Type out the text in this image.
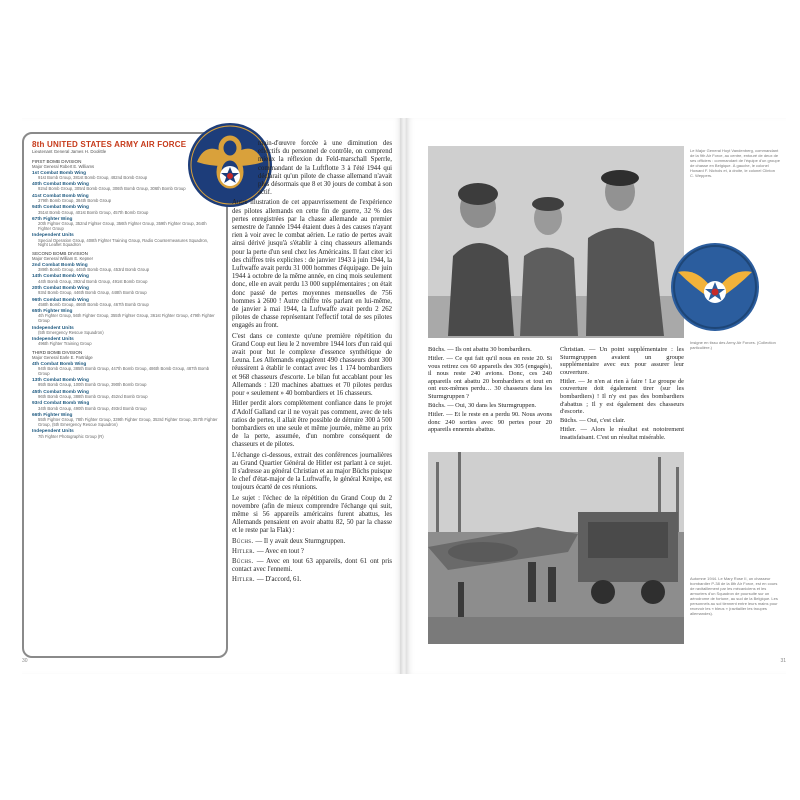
8th UNITED STATES ARMY AIR FORCE
Lieutenant General James H. Doolittle
FIRST BOMB DIVISION
Major General Robert E. Williams
1st Combat Bomb Wing
91st Bomb Group, 381st Bomb Group, 482nd Bomb Group
40th Combat Bomb Wing
92nd Bomb Group, 305rd Bomb Group, 306th Bomb Group, 306th Bomb Group
41st Combat Bomb Wing
379th Bomb Group, 384th Bomb Group
94th Combat Bomb Wing
351st Bomb Group, 401st Bomb Group, 457th Bomb Group
67th Fighter Wing
20th Fighter Group, 352nd Fighter Group, 356th Fighter Group, 359th Fighter Group, 364th Fighter Group
Independent Units
Special Operation Group, 408th Fighter Training Group, Radio Countermeasures Squadron, Night Leaflet Squadron
SECOND BOMB DIVISION
Major General William E. Kepner
2nd Combat Bomb Wing
389th Bomb Group, 445th Bomb Group, 453rd Bomb Group
14th Combat Bomb Wing
44th Bomb Group, 392nd Bomb Group, 491st Bomb Group
20th Combat Bomb Wing
93rd Bomb Group, 446th Bomb Group, 448th Bomb Group
96th Combat Bomb Wing
458th Bomb Group, 466th Bomb Group, 467th Bomb Group
65th Fighter Wing
4th Fighter Group, 56th Fighter Group, 355th Fighter Group, 361st Fighter Group, 479th Fighter Group
Independent Units
(5th Emergency Rescue Squadron)
Independent Units
496th Fighter Training Group
THIRD BOMB DIVISION
Major General Earle E. Partridge
4th Combat Bomb Wing
94th Bomb Group, 385th Bomb Group, 447th Bomb Group, 486th Bomb Group, 487th Bomb Group
13th Combat Bomb Wing
95th Bomb Group, 100th Bomb Group, 390th Bomb Group
45th Combat Bomb Wing
96th Bomb Group, 388th Bomb Group, 452nd Bomb Group
93rd Combat Bomb Wing
34th Bomb Group, 490th Bomb Group, 493rd Bomb Group
66th Fighter Wing
55th Fighter Group, 78th Fighter Group, 339th Fighter Group, 353rd Fighter Group, 357th Fighter Group, (5th Emergency Rescue Squadron)
Independent Units
7th Fighter Photographic Group (R)

main-d'œuvre forcée à une diminution des effectifs du personnel de contrôle, on comprend mieux la réflexion du Feld-marschall Sperrle, commandant de la Luftflotte 3 à l'été 1944 qui déclarait qu'un pilote de chasse allemand n'avait plus désormais que 8 et 30 jours de combat à son actif.

Autre illustration de cet appauvrissement de l'expérience des pilotes allemands en cette fin de guerre, 32 % des pertes enregistrées par la chasse allemande au premier semestre de l'année 1944 étaient dues à des causes n'ayant rien à voir avec le combat aérien. Le ratio de pertes avait ainsi dérivé jusqu'à s'établir à cinq chasseurs allemands pour la perte d'un seul chez les Américains. Il faut citer ici des chiffres très explicites : de janvier 1943 à juin 1944, la Luftwaffe avait perdu 31 000 hommes d'équipage. De juin 1944 à octobre de la même année, en cinq mois seulement donc, elle en avait perdu 13 000 supplémentaires ; on était donc passé de pertes moyennes mensuelles de 756 hommes à 2600 ! Autre chiffre très parlant en lui-même, de janvier à mai 1944, la Luftwaffe avait perdu 2 262 pilotes de chasse représentant l'effectif total de ses pilotes engagés au front.

C'est dans ce contexte qu'une première répétition du Grand Coup eut lieu le 2 novembre 1944 lors d'un raid qui avait pour but le complexe d'essence synthétique de Leuna. Les Allemands engagèrent 490 chasseurs dont 300 réussirent à établir le contact avec les 1 174 bombardiers et 968 chasseurs d'escorte. Le bilan fut accablant pour les Allemands : 120 machines abattues et 70 pilotes perdus pour « seulement » 40 bombardiers et 16 chasseurs.

Hitler perdit alors complètement confiance dans le projet d'Adolf Galland car il ne voyait pas comment, avec de tels ratios de pertes, il allait être possible de détruire 300 à 500 bombardiers en une seule et même journée, même au prix de la perte, assumée, d'un nombre conséquent de chasseurs et de pilotes.

L'échange ci-dessous, extrait des conférences journalières au Grand Quartier Général de Hitler est parlant à ce sujet. Il s'adresse au général Christian et au major Büchs puisque le chef d'état-major de la Luftwaffe, le général Kreipe, est toujours écarté de ces réunions.

Le sujet : l'échec de la répétition du Grand Coup du 2 novembre (afin de mieux comprendre l'échange qui suit, même si 56 appareils américains furent abattus, les Allemands pensaient en avoir abattu 82, 50 par la chasse et le reste par la Flak) :

Büchs. — Il y avait deux Sturmgruppen.

Hitler. — Avec en tout ?

Büchs. — Avec en tout 63 appareils, dont 61 ont pris contact avec l'ennemi.

Hitler. — D'accord, 61.

30
Le Major General Hoyt Vandenberg, commandant de la 9th Air Force, au centre, entouré de deux de ses officiers : commandant de l'équipe d'un groupe de chasse en Belgique. À gauche, le colonel Howard F. Nichols et, à droite, le colonel Clinton C. Weppers.
Insigne en tissu des Army Air Forces. (Collection particulière.)

Büchs. — Ils ont abattu 30 bombardiers.

Hitler. — Ce qui fait qu'il nous en reste 20. Si vous retirez ces 60 appareils des 305 (engagés), il nous reste 240 avions. Donc, ces 240 appareils ont abattu 20 bombardiers et tout en ont eux-mêmes perdu… 30 chasseurs dans les Sturmgruppen ?

Büchs. — Oui, 30 dans les Sturmgruppen.

Hitler. — Et le reste en a perdu 90. Nous avons donc 240 sorties avec 90 pertes pour 20 appareils ennemis abattus.

Christian. — Un point supplémentaire : les Sturmgruppen avaient un groupe supplémentaire avec eux pour assurer leur couverture.

Hitler. — Je n'en ai rien à faire ! Le groupe de couverture doit également tirer (sur les bombardiers) ! Il n'y est pas des bombardiers d'abattus ; Il y est également des chasseurs d'escorte.

Büchs. — Oui, c'est clair.

Hitler. — Alors le résultat est notoirement insatisfaisant. C'est un résultat misérable.

Automne 1944. Le Mary Rose II, un chasseur bombardier P-38 de la 8th Air Force, est en cours de ravitaillement par les mécaniciens et les armuriers d'un Squadron de poursuite sur un aérodrome de fortune, au sud de la Belgique. Les personnels au sol tiennent entre leurs mains pour recevoir les « bleus » (ravitailler les troupes allemandes).
31
